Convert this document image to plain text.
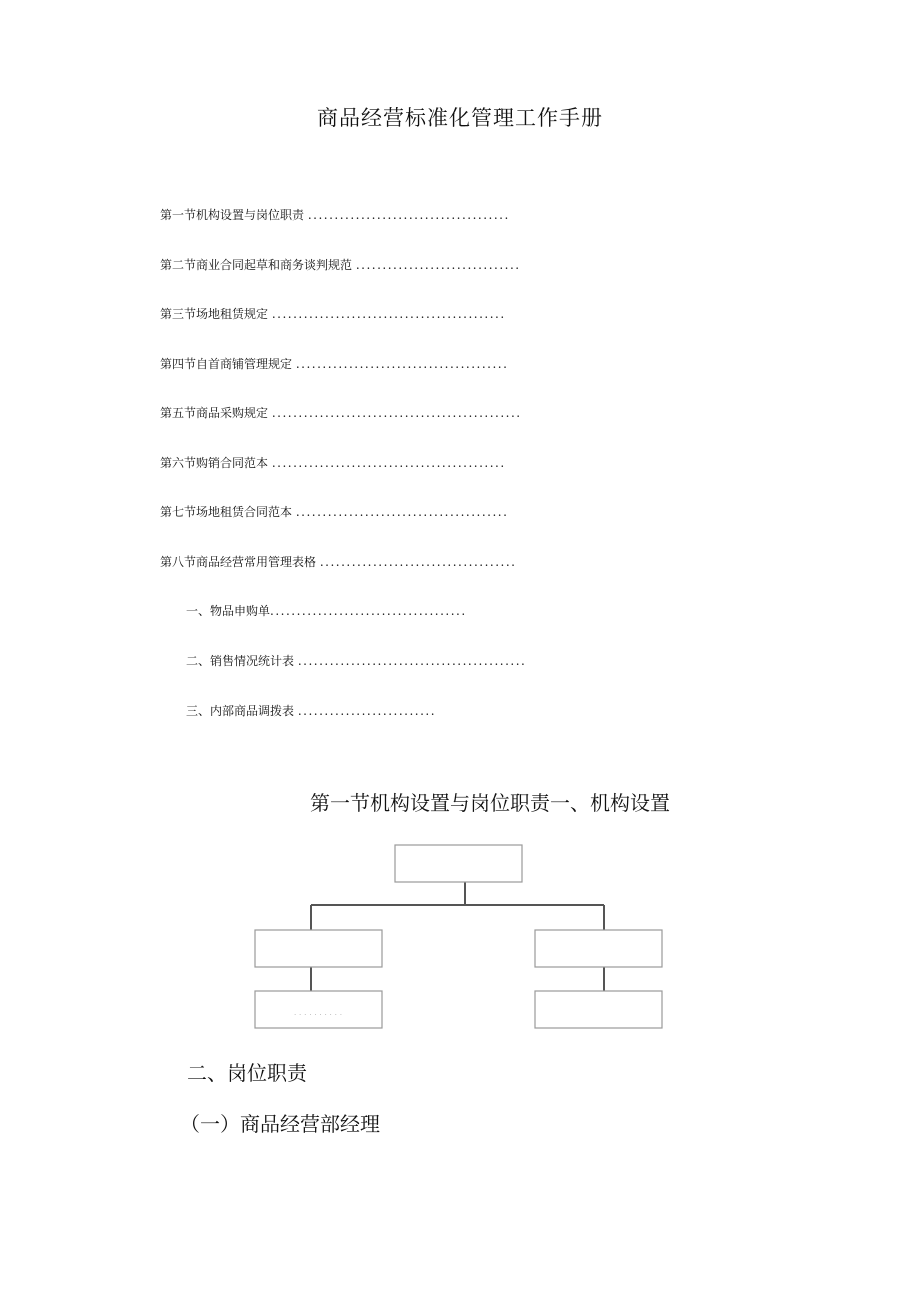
商品经营标准化管理工作手册
第一节机构设置与岗位职责 ......................................
第二节商业合同起草和商务谈判规范 ...............................
第三节场地租赁规定 ............................................
第四节自首商铺管理规定 ........................................
第五节商品采购规定 ...............................................
第六节购销合同范本 ............................................
第七节场地租赁合同范本 ........................................
第八节商品经营常用管理表格 .....................................
一、物品申购单.....................................
二、销售情况统计表 ...........................................
三、内部商品调拨表 ..........................
第一节机构设置与岗位职责一、机构设置
. . . . . . . . . .
二、岗位职责
（一）商品经营部经理
